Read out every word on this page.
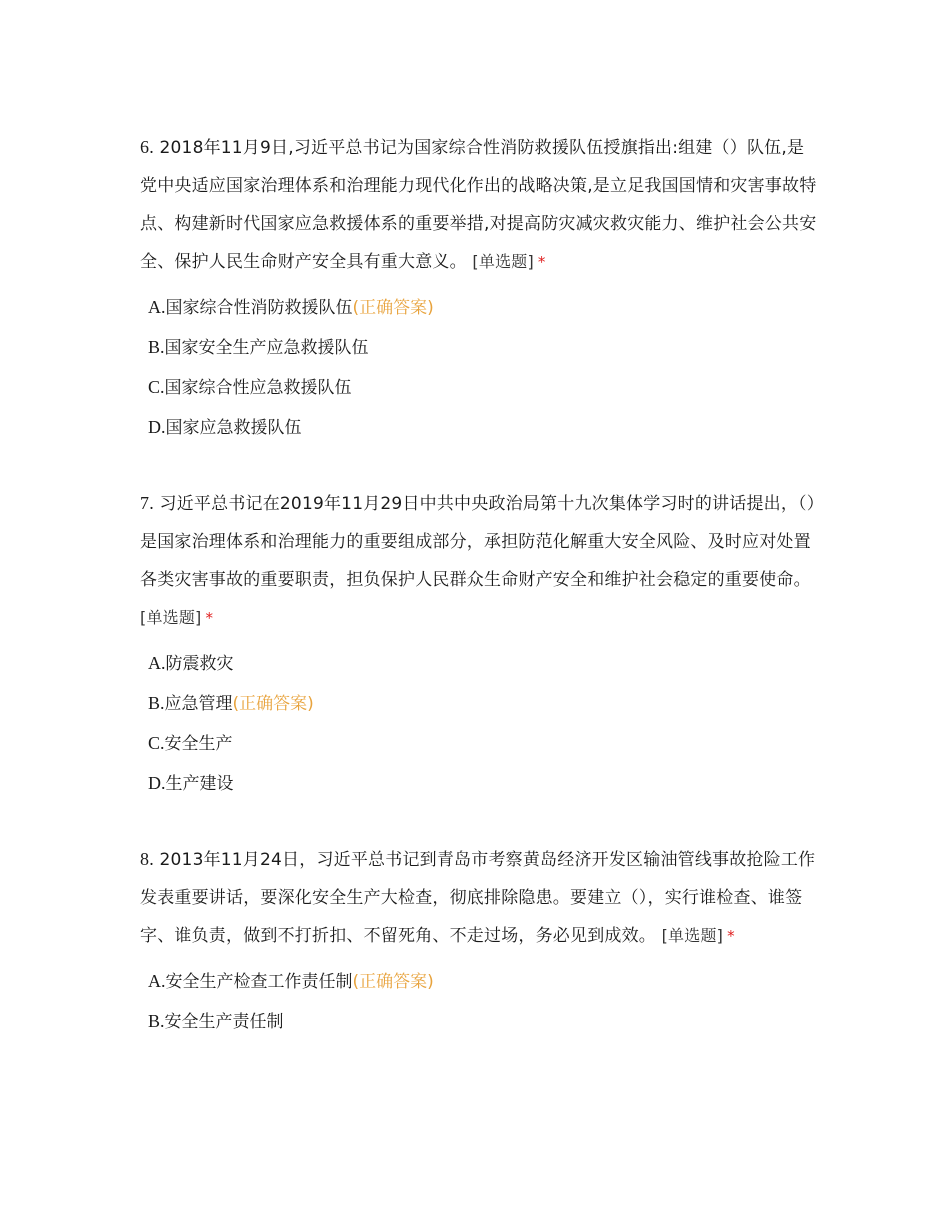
6. 2018年11月9日,习近平总书记为国家综合性消防救援队伍授旗指出:组建（）队伍,是党中央适应国家治理体系和治理能力现代化作出的战略决策,是立足我国国情和灾害事故特点、构建新时代国家应急救援体系的重要举措,对提高防灾减灾救灾能力、维护社会公共安全、保护人民生命财产安全具有重大意义。 [单选题] *

A.国家综合性消防救援队伍(正确答案)
B.国家安全生产应急救援队伍
C.国家综合性应急救援队伍
D.国家应急救援队伍

7. 习近平总书记在2019年11月29日中共中央政治局第十九次集体学习时的讲话提出，（）是国家治理体系和治理能力的重要组成部分，承担防范化解重大安全风险、及时应对处置各类灾害事故的重要职责，担负保护人民群众生命财产安全和维护社会稳定的重要使命。 [单选题] *

A.防震救灾
B.应急管理(正确答案)
C.安全生产
D.生产建设

8. 2013年11月24日，习近平总书记到青岛市考察黄岛经济开发区输油管线事故抢险工作发表重要讲话，要深化安全生产大检查，彻底排除隐患。要建立（），实行谁检查、谁签字、谁负责，做到不打折扣、不留死角、不走过场，务必见到成效。 [单选题] *

A.安全生产检查工作责任制(正确答案)
B.安全生产责任制
